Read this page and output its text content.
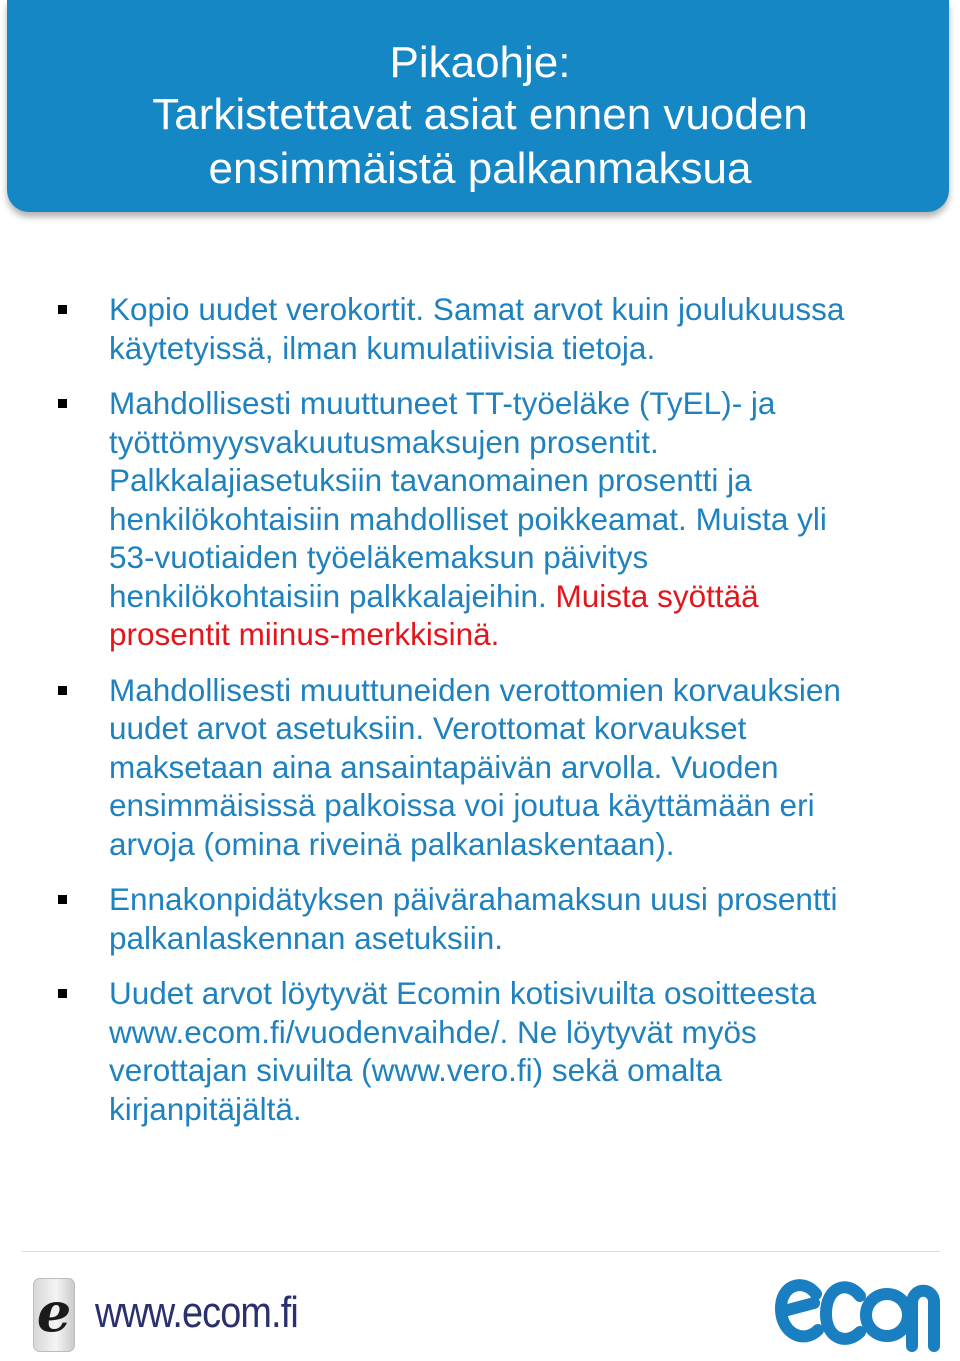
Pikaohje:
Tarkistettavat asiat ennen vuoden
ensimmäistä palkanmaksua
Kopio uudet verokortit. Samat arvot kuin joulukuussa
käytetyissä, ilman kumulatiivisia tietoja.
Mahdollisesti muuttuneet TT-työeläke (TyEL)- ja
työttömyysvakuutusmaksujen prosentit.
Palkkalajiasetuksiin tavanomainen prosentti ja
henkilökohtaisiin mahdolliset poikkeamat. Muista yli
53-vuotiaiden työeläkemaksun päivitys
henkilökohtaisiin palkkalajeihin. Muista syöttää
prosentit miinus-merkkisinä.
Mahdollisesti muuttuneiden verottomien korvauksien
uudet arvot asetuksiin. Verottomat korvaukset
maksetaan aina ansaintapäivän arvolla. Vuoden
ensimmäisissä palkoissa voi joutua käyttämään eri
arvoja (omina riveinä palkanlaskentaan).
Ennakonpidätyksen päivärahamaksun uusi prosentti
palkanlaskennan asetuksiin.
Uudet arvot löytyvät Ecomin kotisivuilta osoitteesta
www.ecom.fi/vuodenvaihde/. Ne löytyvät myös
verottajan sivuilta (www.vero.fi) sekä omalta
kirjanpitäjältä.
e www.ecom.fi
